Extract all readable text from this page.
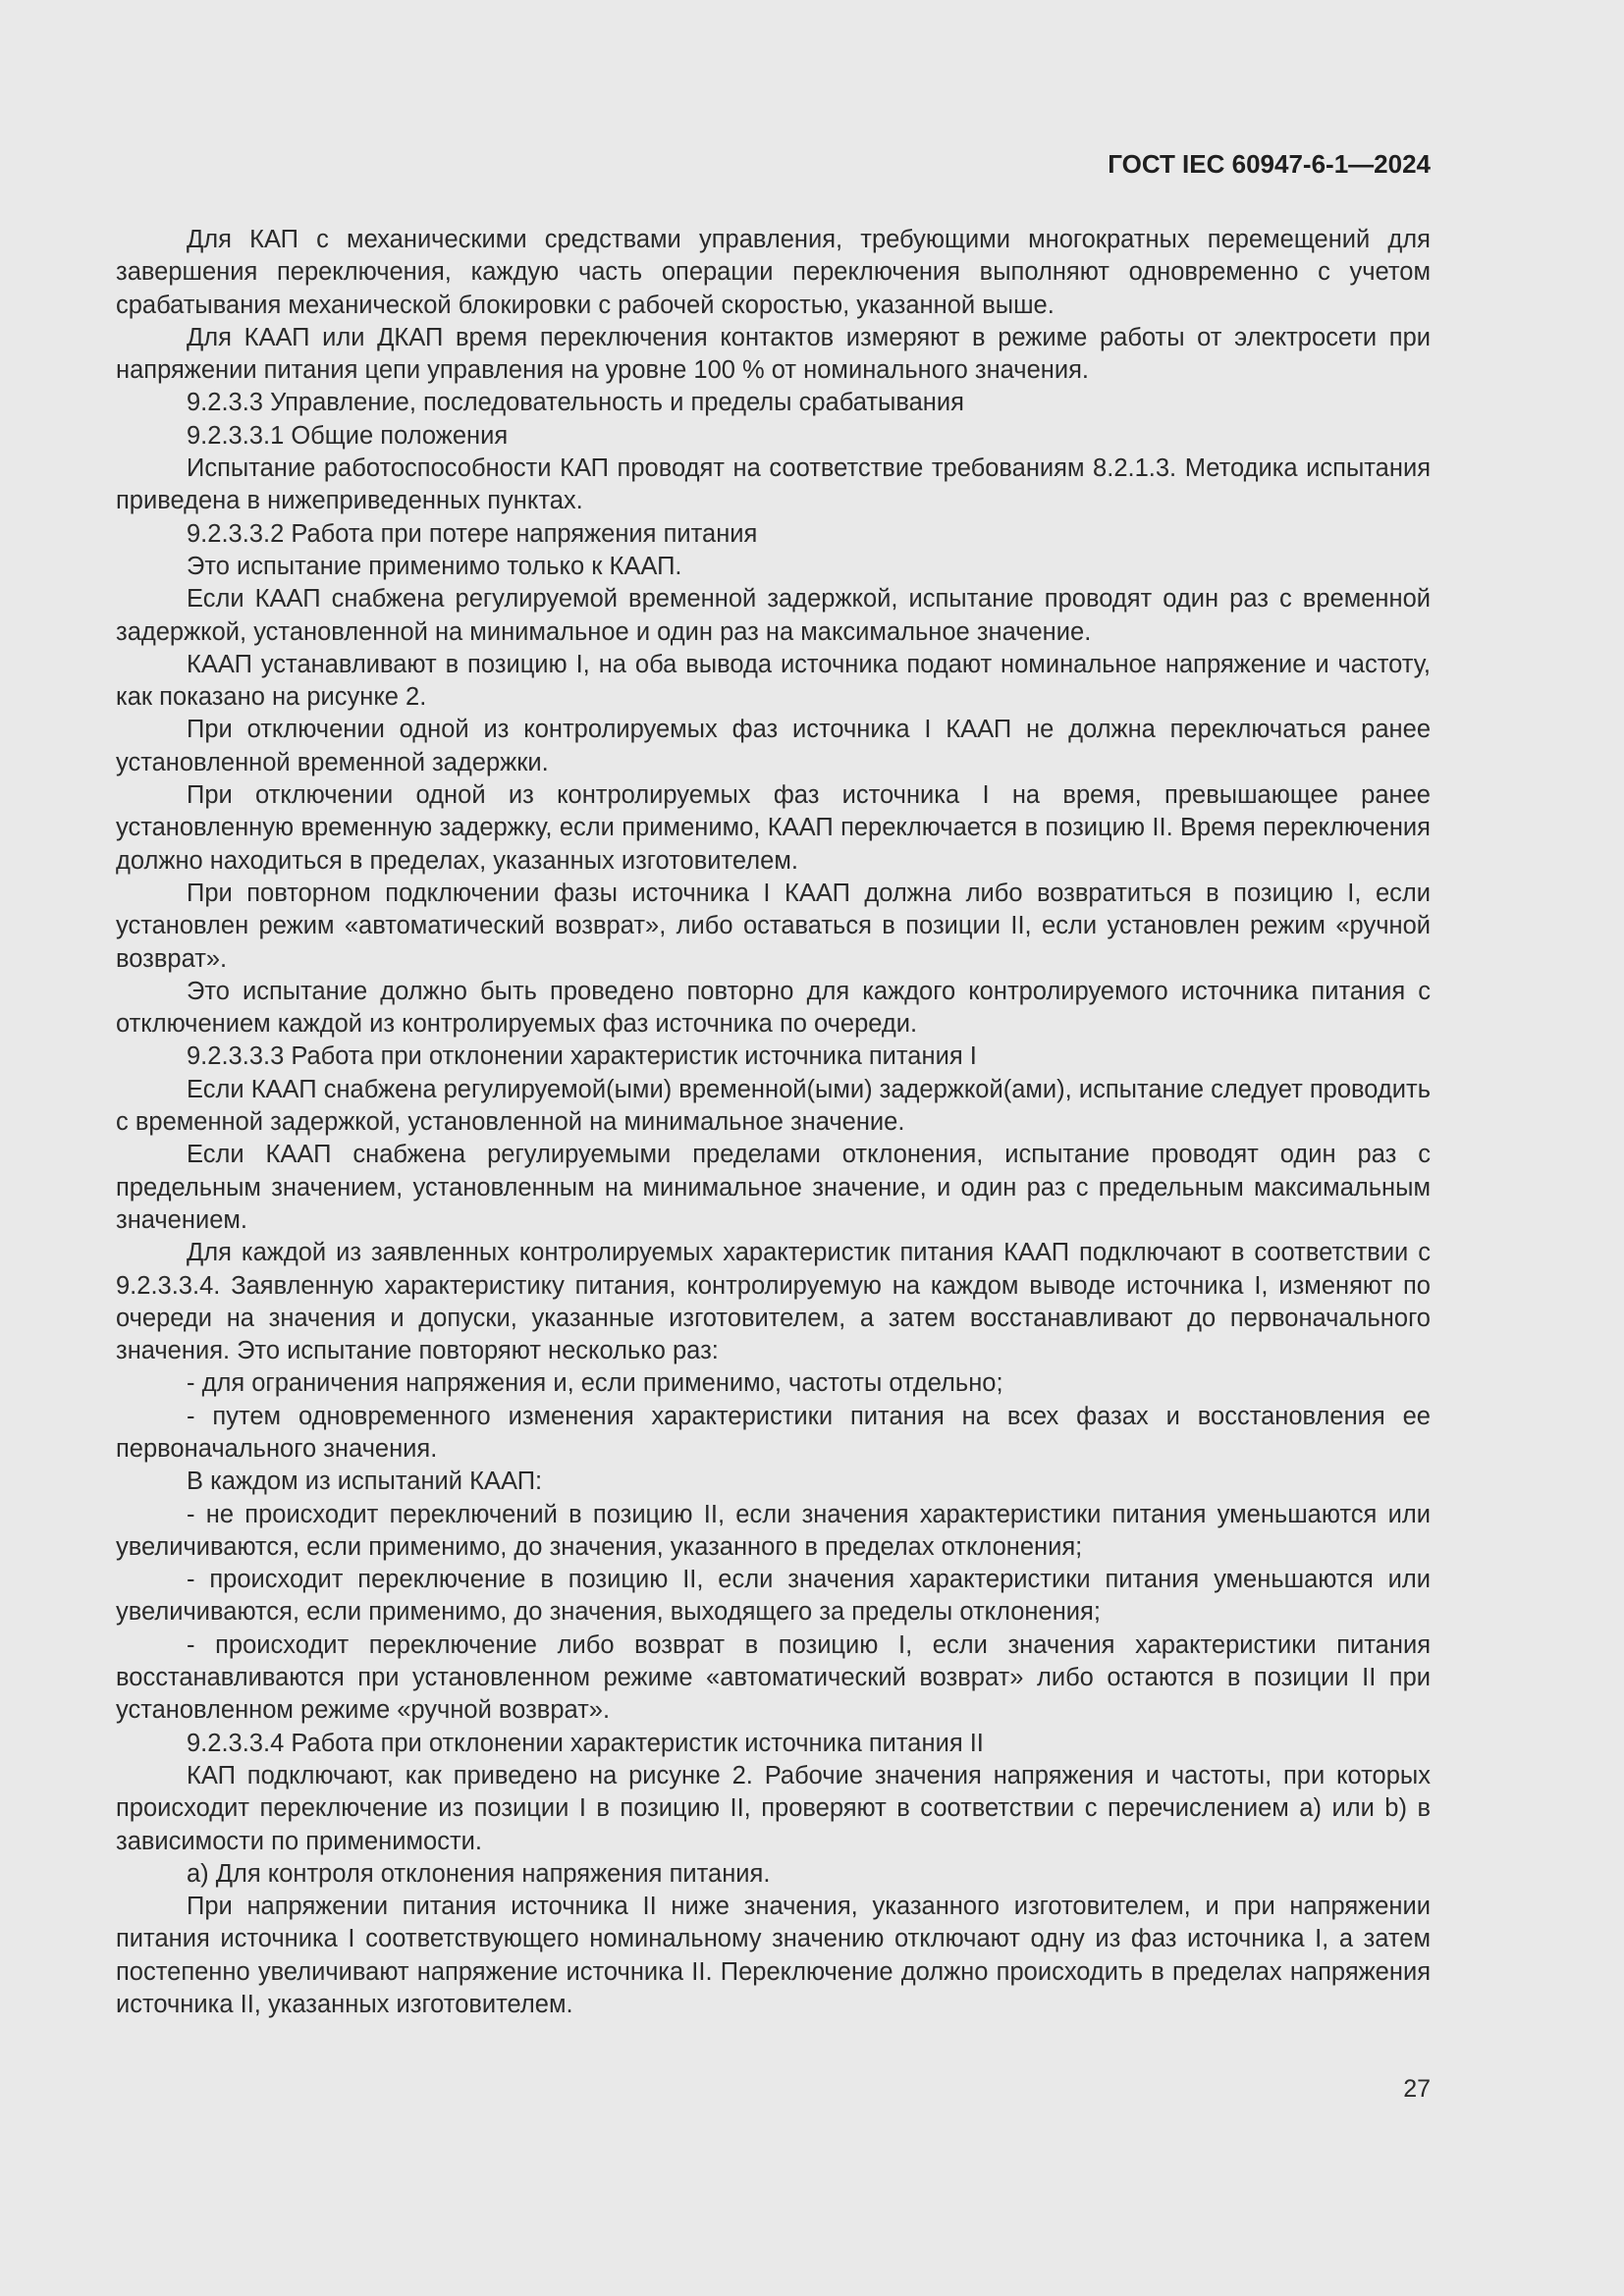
ГОСТ IEC 60947-6-1—2024

Для КАП с механическими средствами управления, требующими многократных перемещений для завершения переключения, каждую часть операции переключения выполняют одновременно с учетом срабатывания механической блокировки с рабочей скоростью, указанной выше.

Для КААП или ДКАП время переключения контактов измеряют в режиме работы от электросети при напряжении питания цепи управления на уровне 100 % от номинального значения.

9.2.3.3 Управление, последовательность и пределы срабатывания

9.2.3.3.1 Общие положения

Испытание работоспособности КАП проводят на соответствие требованиям 8.2.1.3. Методика испытания приведена в нижеприведенных пунктах.

9.2.3.3.2 Работа при потере напряжения питания

Это испытание применимо только к КААП.

Если КААП снабжена регулируемой временной задержкой, испытание проводят один раз с временной задержкой, установленной на минимальное и один раз на максимальное значение.

КААП устанавливают в позицию I, на оба вывода источника подают номинальное напряжение и частоту, как показано на рисунке 2.

При отключении одной из контролируемых фаз источника I КААП не должна переключаться ранее установленной временной задержки.

При отключении одной из контролируемых фаз источника I на время, превышающее ранее установленную временную задержку, если применимо, КААП переключается в позицию II. Время переключения должно находиться в пределах, указанных изготовителем.

При повторном подключении фазы источника I КААП должна либо возвратиться в позицию I, если установлен режим «автоматический возврат», либо оставаться в позиции II, если установлен режим «ручной возврат».

Это испытание должно быть проведено повторно для каждого контролируемого источника питания с отключением каждой из контролируемых фаз источника по очереди.

9.2.3.3.3 Работа при отклонении характеристик источника питания I

Если КААП снабжена регулируемой(ыми) временной(ыми) задержкой(ами), испытание следует проводить с временной задержкой, установленной на минимальное значение.

Если КААП снабжена регулируемыми пределами отклонения, испытание проводят один раз с предельным значением, установленным на минимальное значение, и один раз с предельным максимальным значением.

Для каждой из заявленных контролируемых характеристик питания КААП подключают в соответствии с 9.2.3.3.4. Заявленную характеристику питания, контролируемую на каждом выводе источника I, изменяют по очереди на значения и допуски, указанные изготовителем, а затем восстанавливают до первоначального значения. Это испытание повторяют несколько раз:

- для ограничения напряжения и, если применимо, частоты отдельно;

- путем одновременного изменения характеристики питания на всех фазах и восстановления ее первоначального значения.

В каждом из испытаний КААП:

- не происходит переключений в позицию II, если значения характеристики питания уменьшаются или увеличиваются, если применимо, до значения, указанного в пределах отклонения;

- происходит переключение в позицию II, если значения характеристики питания уменьшаются или увеличиваются, если применимо, до значения, выходящего за пределы отклонения;

- происходит переключение либо возврат в позицию I, если значения характеристики питания восстанавливаются при установленном режиме «автоматический возврат» либо остаются в позиции II при установленном режиме «ручной возврат».

9.2.3.3.4 Работа при отклонении характеристик источника питания II

КАП подключают, как приведено на рисунке 2. Рабочие значения напряжения и частоты, при которых происходит переключение из позиции I в позицию II, проверяют в соответствии с перечислением а) или b) в зависимости по применимости.

а) Для контроля отклонения напряжения питания.

При напряжении питания источника II ниже значения, указанного изготовителем, и при напряжении питания источника I соответствующего номинальному значению отключают одну из фаз источника I, а затем постепенно увеличивают напряжение источника II. Переключение должно происходить в пределах напряжения источника II, указанных изготовителем.

27
